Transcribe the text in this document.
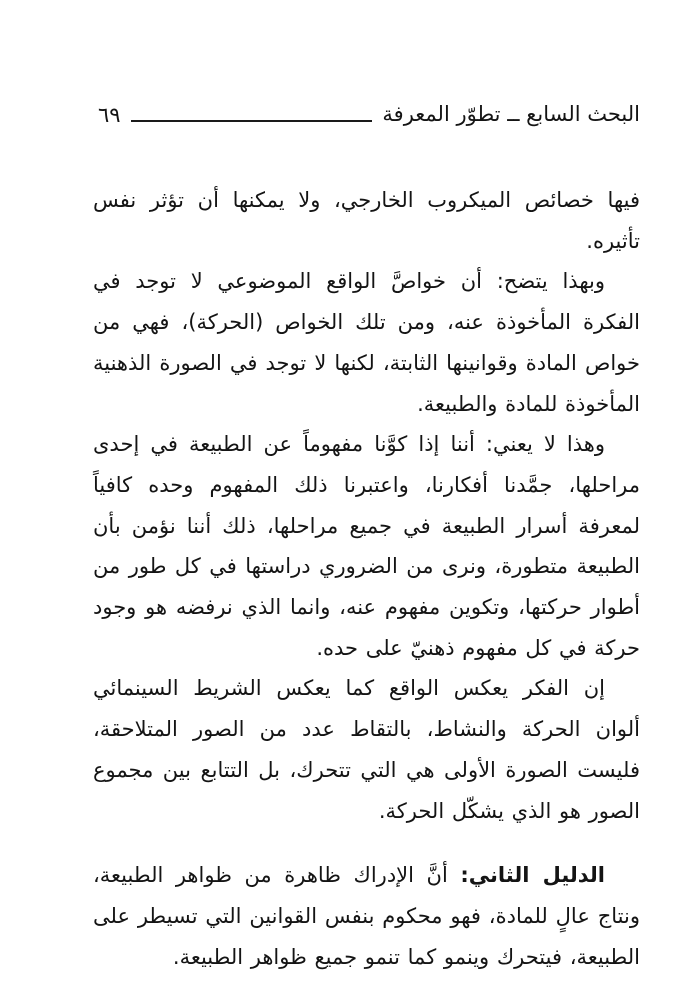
البحث السابع ــ تطوّر المعرفة
٦٩

فيها خصائص الميكروب الخارجي، ولا يمكنها أن تؤثر نفس تأثيره.

وبهذا يتضح: أن خواصَّ الواقع الموضوعي لا توجد في الفكرة المأخوذة عنه، ومن تلك الخواص (الحركة)، فهي من خواص المادة وقوانينها الثابتة، لكنها لا توجد في الصورة الذهنية المأخوذة للمادة والطبيعة.

وهذا لا يعني: أننا إذا كوَّنا مفهوماً عن الطبيعة في إحدى مراحلها، جمَّدنا أفكارنا، واعتبرنا ذلك المفهوم وحده كافياً لمعرفة أسرار الطبيعة في جميع مراحلها، ذلك أننا نؤمن بأن الطبيعة متطورة، ونرى من الضروري دراستها في كل طور من أطوار حركتها، وتكوين مفهوم عنه، وانما الذي نرفضه هو وجود حركة في كل مفهوم ذهنيّ على حده.

إن الفكر يعكس الواقع كما يعكس الشريط السينمائي ألوان الحركة والنشاط، بالتقاط عدد من الصور المتلاحقة، فليست الصورة الأولى هي التي تتحرك، بل التتابع بين مجموع الصور هو الذي يشكّل الحركة.

الدليل الثاني: أنَّ الإدراك ظاهرة من ظواهر الطبيعة، ونتاج عالٍ للمادة، فهو محكوم بنفس القوانين التي تسيطر على الطبيعة، فيتحرك وينمو كما تنمو جميع ظواهر الطبيعة.
